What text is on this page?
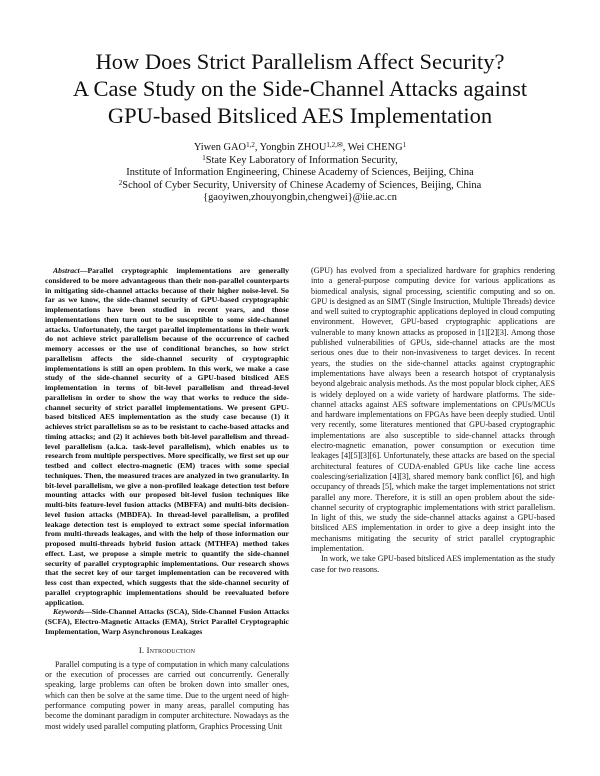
How Does Strict Parallelism Affect Security?
A Case Study on the Side-Channel Attacks against
GPU-based Bitsliced AES Implementation
Yiwen GAO$^{1,2}$, Yongbin $ZHOU^{1,2,✉}$, Wei CHENG$^1$
$^1$State Key Laboratory of Information Security,
Institute of Information Engineering, Chinese Academy of Sciences, Beijing, China
$^2$School of Cyber Security, University of Chinese Academy of Sciences, Beijing, China
{gaoyiwen,zhouyongbin,chengwei}@iie.ac.cn

Abstract—Parallel cryptographic implementations are generally considered to be more advantageous than their non-parallel counterparts in mitigating side-channel attacks because of their higher noise-level. So far as we know, the side-channel security of GPU-based cryptographic implementations have been studied in recent years, and those implementations then turn out to be susceptible to some side-channel attacks. Unfortunately, the target parallel implementations in their work do not achieve strict parallelism because of the occurrence of cached memory accesses or the use of conditional branches, so how strict parallelism affects the side-channel security of cryptographic implementations is still an open problem. In this work, we make a case study of the side-channel security of a GPU-based bitsliced AES implementation in terms of bit-level parallelism and thread-level parallelism in order to show the way that works to reduce the side-channel security of strict parallel implementations. We present GPU-based bitsliced AES implementation as the study case because (1) it achieves strict parallelism so as to be resistant to cache-based attacks and timing attacks; and (2) it achieves both bit-level parallelism and thread-level parallelism (a.k.a. task-level parallelism), which enables us to research from multiple perspectives. More specifically, we first set up our testbed and collect electro-magnetic (EM) traces with some special techniques. Then, the measured traces are analyzed in two granularity. In bit-level parallelism, we give a non-profiled leakage detection test before mounting attacks with our proposed bit-level fusion techniques like multi-bits feature-level fusion attacks (MBFFA) and multi-bits decision-level fusion attacks (MBDFA). In thread-level parallelism, a profiled leakage detection test is employed to extract some special information from multi-threads leakages, and with the help of those information our proposed multi-threads hybrid fusion attack (MTHFA) method takes effect. Last, we propose a simple metric to quantify the side-channel security of parallel cryptographic implementations. Our research shows that the secret key of our target implementation can be recovered with less cost than expected, which suggests that the side-channel security of parallel cryptographic implementations should be reevaluated before application.

Keywords—Side-Channel Attacks (SCA), Side-Channel Fusion Attacks (SCFA), Electro-Magnetic Attacks (EMA), Strict Parallel Cryptographic Implementation, Warp Asynchronous Leakages

I. Introduction

Parallel computing is a type of computation in which many calculations or the execution of processes are carried out concurrently. Generally speaking, large problems can often be broken down into smaller ones, which can then be solve at the same time. Due to the urgent need of high-performance computing power in many areas, parallel computing has become the dominant paradigm in computer architecture. Nowadays as the most widely used parallel computing platform, Graphics Processing Unit

(GPU) has evolved from a specialized hardware for graphics rendering into a general-purpose computing device for various applications as biomedical analysis, signal processing, scientific computing and so on. GPU is designed as an SIMT (Single Instruction, Multiple Threads) device and well suited to cryptographic applications deployed in cloud computing environment. However, GPU-based cryptographic applications are vulnerable to many known attacks as proposed in [1][2][3]. Among those published vulnerabilities of GPUs, side-channel attacks are the most serious ones due to their non-invasiveness to target devices. In recent years, the studies on the side-channel attacks against cryptographic implementations have always been a research hotspot of cryptanalysis beyond algebraic analysis methods. As the most popular block cipher, AES is widely deployed on a wide variety of hardware platforms. The side-channel attacks against AES software implementations on CPUs/MCUs and hardware implementations on FPGAs have been deeply studied. Until very recently, some literatures mentioned that GPU-based cryptographic implementations are also susceptible to side-channel attacks through electro-magnetic emanation, power consumption or execution time leakages [4][5][3][6]. Unfortunately, these attacks are based on the special architectural features of CUDA-enabled GPUs like cache line access coalescing/serialization [4][3], shared memory bank conflict [6], and high occupancy of threads [5], which make the target implementations not strict parallel any more. Therefore, it is still an open problem about the side-channel security of cryptographic implementations with strict parallelism. In light of this, we study the side-channel attacks against a GPU-based bitsliced AES implementation in order to give a deep insight into the mechanisms mitigating the security of strict parallel cryptographic implementation.

In work, we take GPU-based bitsliced AES implementation as the study case for two reasons.
